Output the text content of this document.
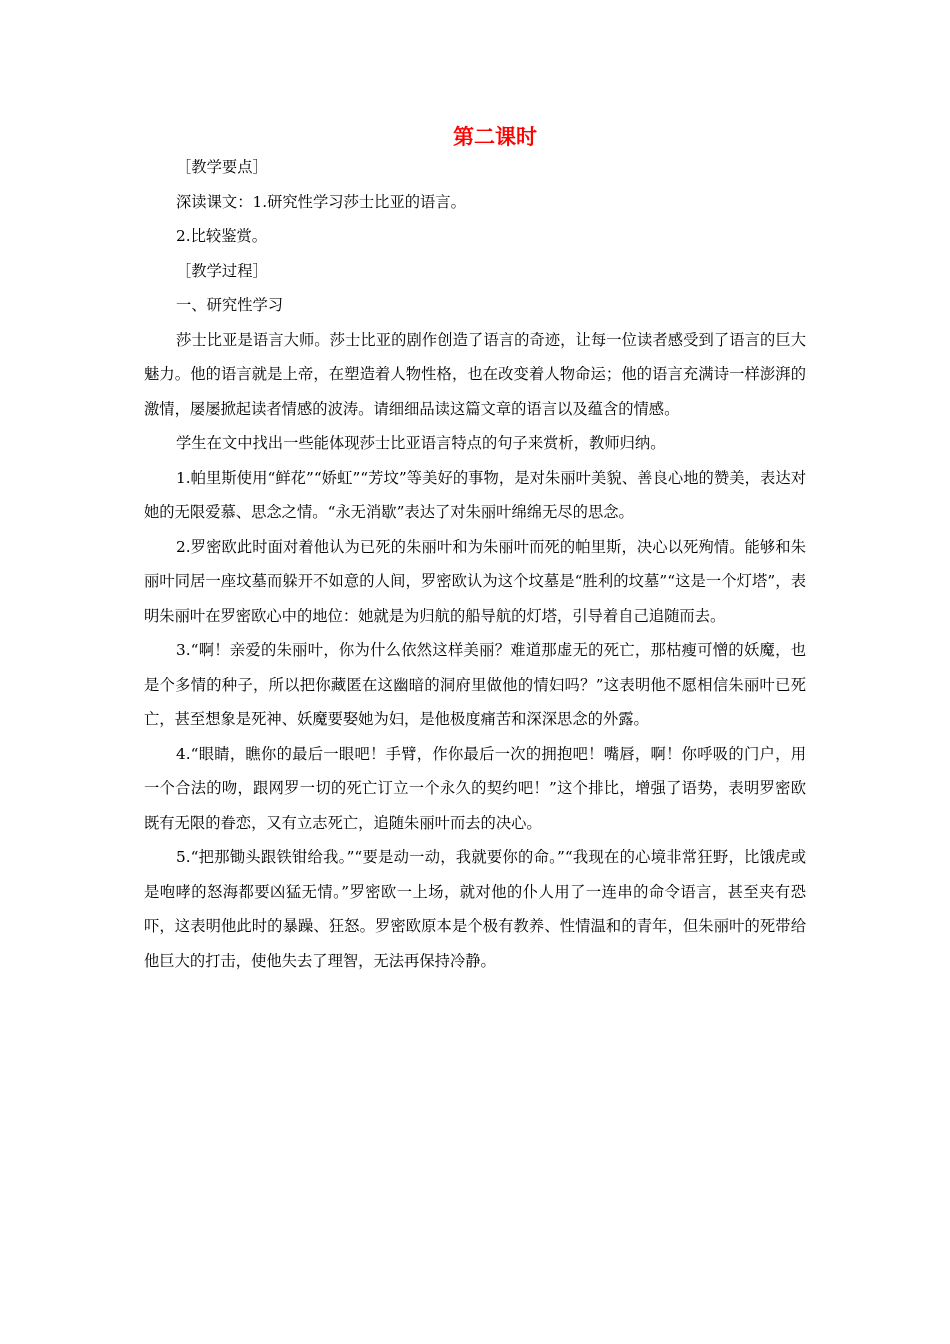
第二课时

［教学要点］

深读课文：1.研究性学习莎士比亚的语言。

2.比较鉴赏。

［教学过程］

一、研究性学习

莎士比亚是语言大师。莎士比亚的剧作创造了语言的奇迹，让每一位读者感受到了语言的巨大魅力。他的语言就是上帝，在塑造着人物性格，也在改变着人物命运；他的语言充满诗一样澎湃的激情，屡屡掀起读者情感的波涛。请细细品读这篇文章的语言以及蕴含的情感。

学生在文中找出一些能体现莎士比亚语言特点的句子来赏析，教师归纳。

1.帕里斯使用“鲜花”“娇虹”“芳坟”等美好的事物，是对朱丽叶美貌、善良心地的赞美，表达对她的无限爱慕、思念之情。“永无消歇”表达了对朱丽叶绵绵无尽的思念。

2.罗密欧此时面对着他认为已死的朱丽叶和为朱丽叶而死的帕里斯，决心以死殉情。能够和朱丽叶同居一座坟墓而躲开不如意的人间，罗密欧认为这个坟墓是“胜利的坟墓”“这是一个灯塔”，表明朱丽叶在罗密欧心中的地位：她就是为归航的船导航的灯塔，引导着自己追随而去。

3.“啊！亲爱的朱丽叶，你为什么依然这样美丽？难道那虚无的死亡，那枯瘦可憎的妖魔，也是个多情的种子，所以把你藏匿在这幽暗的洞府里做他的情妇吗？”这表明他不愿相信朱丽叶已死亡，甚至想象是死神、妖魔要娶她为妇，是他极度痛苦和深深思念的外露。

4.“眼睛，瞧你的最后一眼吧！手臂，作你最后一次的拥抱吧！嘴唇，啊！你呼吸的门户，用一个合法的吻，跟网罗一切的死亡订立一个永久的契约吧！”这个排比，增强了语势，表明罗密欧既有无限的眷恋，又有立志死亡，追随朱丽叶而去的决心。

5.“把那锄头跟铁钳给我。”“要是动一动，我就要你的命。”“我现在的心境非常狂野，比饿虎或是咆哮的怒海都要凶猛无情。”罗密欧一上场，就对他的仆人用了一连串的命令语言，甚至夹有恐吓，这表明他此时的暴躁、狂怒。罗密欧原本是个极有教养、性情温和的青年，但朱丽叶的死带给他巨大的打击，使他失去了理智，无法再保持冷静。
